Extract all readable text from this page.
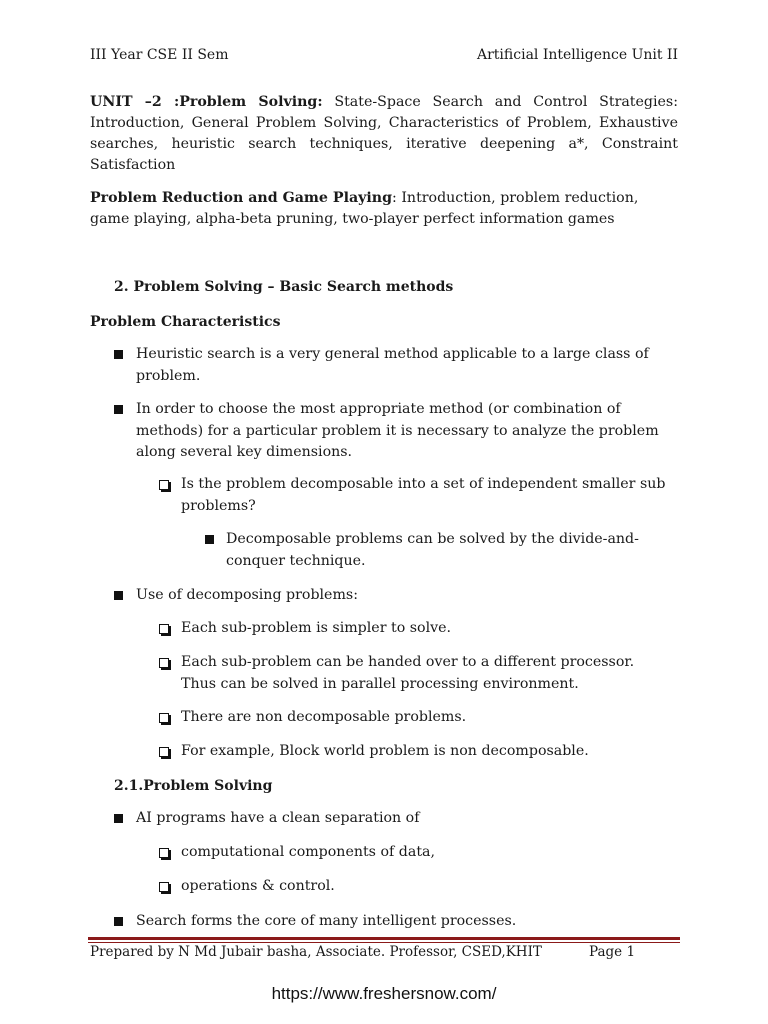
III Year CSE II Sem	Artificial Intelligence Unit II
UNIT –2 :Problem Solving: State-Space Search and Control Strategies: Introduction, General Problem Solving, Characteristics of Problem, Exhaustive searches, heuristic search techniques, iterative deepening a*, Constraint Satisfaction
Problem Reduction and Game Playing: Introduction, problem reduction, game playing, alpha-beta pruning, two-player perfect information games
2. Problem Solving – Basic Search methods
Problem Characteristics
Heuristic search is a very general method applicable to a large class of
problem.
In order to choose the most appropriate method (or combination of
methods) for a particular problem it is necessary to analyze the problem
along several key dimensions.
Is the problem decomposable into a set of independent smaller sub
problems?
Decomposable problems can be solved by the divide-and-
conquer technique.
Use of decomposing problems:
Each sub-problem is simpler to solve.
Each sub-problem can be handed over to a different processor.
Thus can be solved in parallel processing environment.
There are non decomposable problems.
For example, Block world problem is non decomposable.
2.1.Problem Solving
AI programs have a clean separation of
computational components of data,
operations & control.
Search forms the core of many intelligent processes.
Prepared by N Md Jubair basha, Associate. Professor, CSED,KHIT	Page 1
https://www.freshersnow.com/
